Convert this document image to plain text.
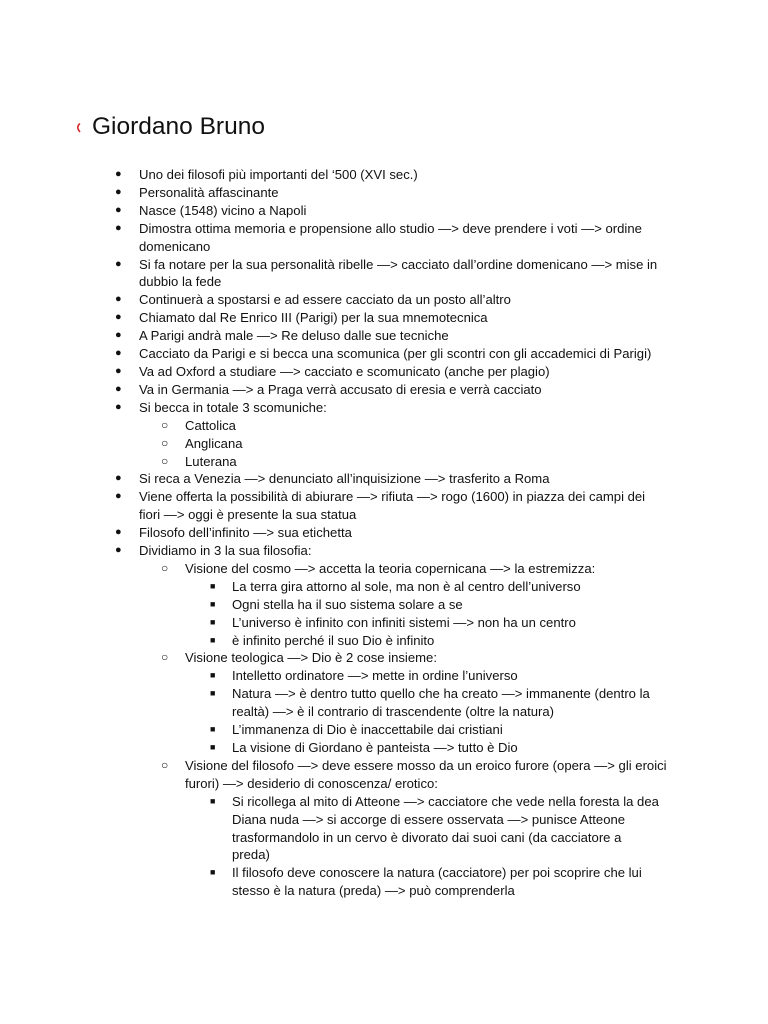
Giordano Bruno
● Uno dei filosofi più importanti del ‘500 (XVI sec.)
● Personalità affascinante
● Nasce (1548) vicino a Napoli
● Dimostra ottima memoria e propensione allo studio —> deve prendere i voti —> ordine domenicano
● Si fa notare per la sua personalità ribelle —> cacciato dall’ordine domenicano —> mise in dubbio la fede
● Continuerà a spostarsi e ad essere cacciato da un posto all’altro
● Chiamato dal Re Enrico III (Parigi) per la sua mnemotecnica
● A Parigi andrà male —> Re deluso dalle sue tecniche
● Cacciato da Parigi e si becca una scomunica (per gli scontri con gli accademici di Parigi)
● Va ad Oxford a studiare —> cacciato e scomunicato (anche per plagio)
● Va in Germania —> a Praga verrà accusato di eresia e verrà cacciato
● Si becca in totale 3 scomuniche:
○ Cattolica
○ Anglicana
○ Luterana
● Si reca a Venezia —> denunciato all’inquisizione —> trasferito a Roma
● Viene offerta la possibilità di abiurare —> rifiuta —> rogo (1600) in piazza dei campi dei fiori —> oggi è presente la sua statua
● Filosofo dell’infinito —> sua etichetta
● Dividiamo in 3 la sua filosofia:
○ Visione del cosmo —> accetta la teoria copernicana —> la estremizza:
■ La terra gira attorno al sole, ma non è al centro dell’universo
■ Ogni stella ha il suo sistema solare a se
■ L’universo è infinito con infiniti sistemi —> non ha un centro
■ è infinito perché il suo Dio è infinito
○ Visione teologica —> Dio è 2 cose insieme:
■ Intelletto ordinatore —> mette in ordine l’universo
■ Natura —> è dentro tutto quello che ha creato —> immanente (dentro la realtà) —> è il contrario di trascendente (oltre la natura)
■ L’immanenza di Dio è inaccettabile dai cristiani
■ La visione di Giordano è panteista —> tutto è Dio
○ Visione del filosofo —> deve essere mosso da un eroico furore (opera —> gli eroici furori) —> desiderio di conoscenza/ erotico:
■ Si ricollega al mito di Atteone —> cacciatore che vede nella foresta la dea Diana nuda —> si accorge di essere osservata —> punisce Atteone trasformandolo in un cervo è divorato dai suoi cani (da cacciatore a preda)
■ Il filosofo deve conoscere la natura (cacciatore) per poi scoprire che lui stesso è la natura (preda) —> può comprenderla
